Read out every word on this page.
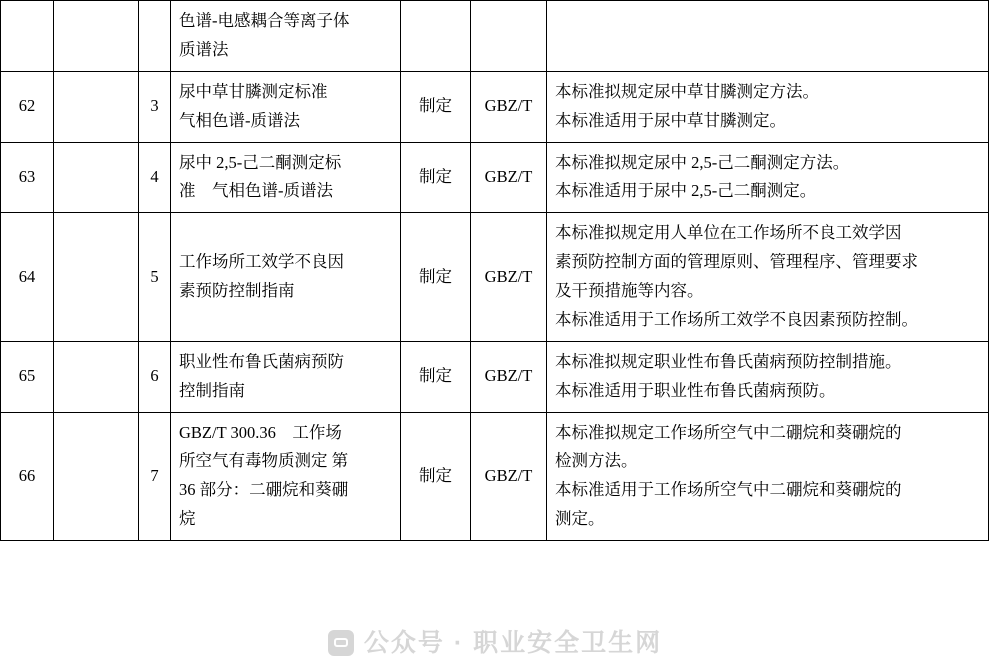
			色谱-电感耦合等离子体
质谱法			

62		3	尿中草甘膦测定标准
气相色谱-质谱法	制定	GBZ/T	本标准拟规定尿中草甘膦测定方法。
本标准适用于尿中草甘膦测定。

63		4	尿中 2,5-己二酮测定标
准　气相色谱-质谱法	制定	GBZ/T	本标准拟规定尿中 2,5-己二酮测定方法。
本标准适用于尿中 2,5-己二酮测定。

64		5	工作场所工效学不良因
素预防控制指南	制定	GBZ/T	本标准拟规定用人单位在工作场所不良工效学因
素预防控制方面的管理原则、管理程序、管理要求
及干预措施等内容。
本标准适用于工作场所工效学不良因素预防控制。

65		6	职业性布鲁氏菌病预防
控制指南	制定	GBZ/T	本标准拟规定职业性布鲁氏菌病预防控制措施。
本标准适用于职业性布鲁氏菌病预防。

66		7	GBZ/T 300.36　工作场
所空气有毒物质测定 第
36 部分：二硼烷和葵硼
烷	制定	GBZ/T	本标准拟规定工作场所空气中二硼烷和葵硼烷的
检测方法。
本标准适用于工作场所空气中二硼烷和葵硼烷的
测定。
公众号 · 职业安全卫生网
